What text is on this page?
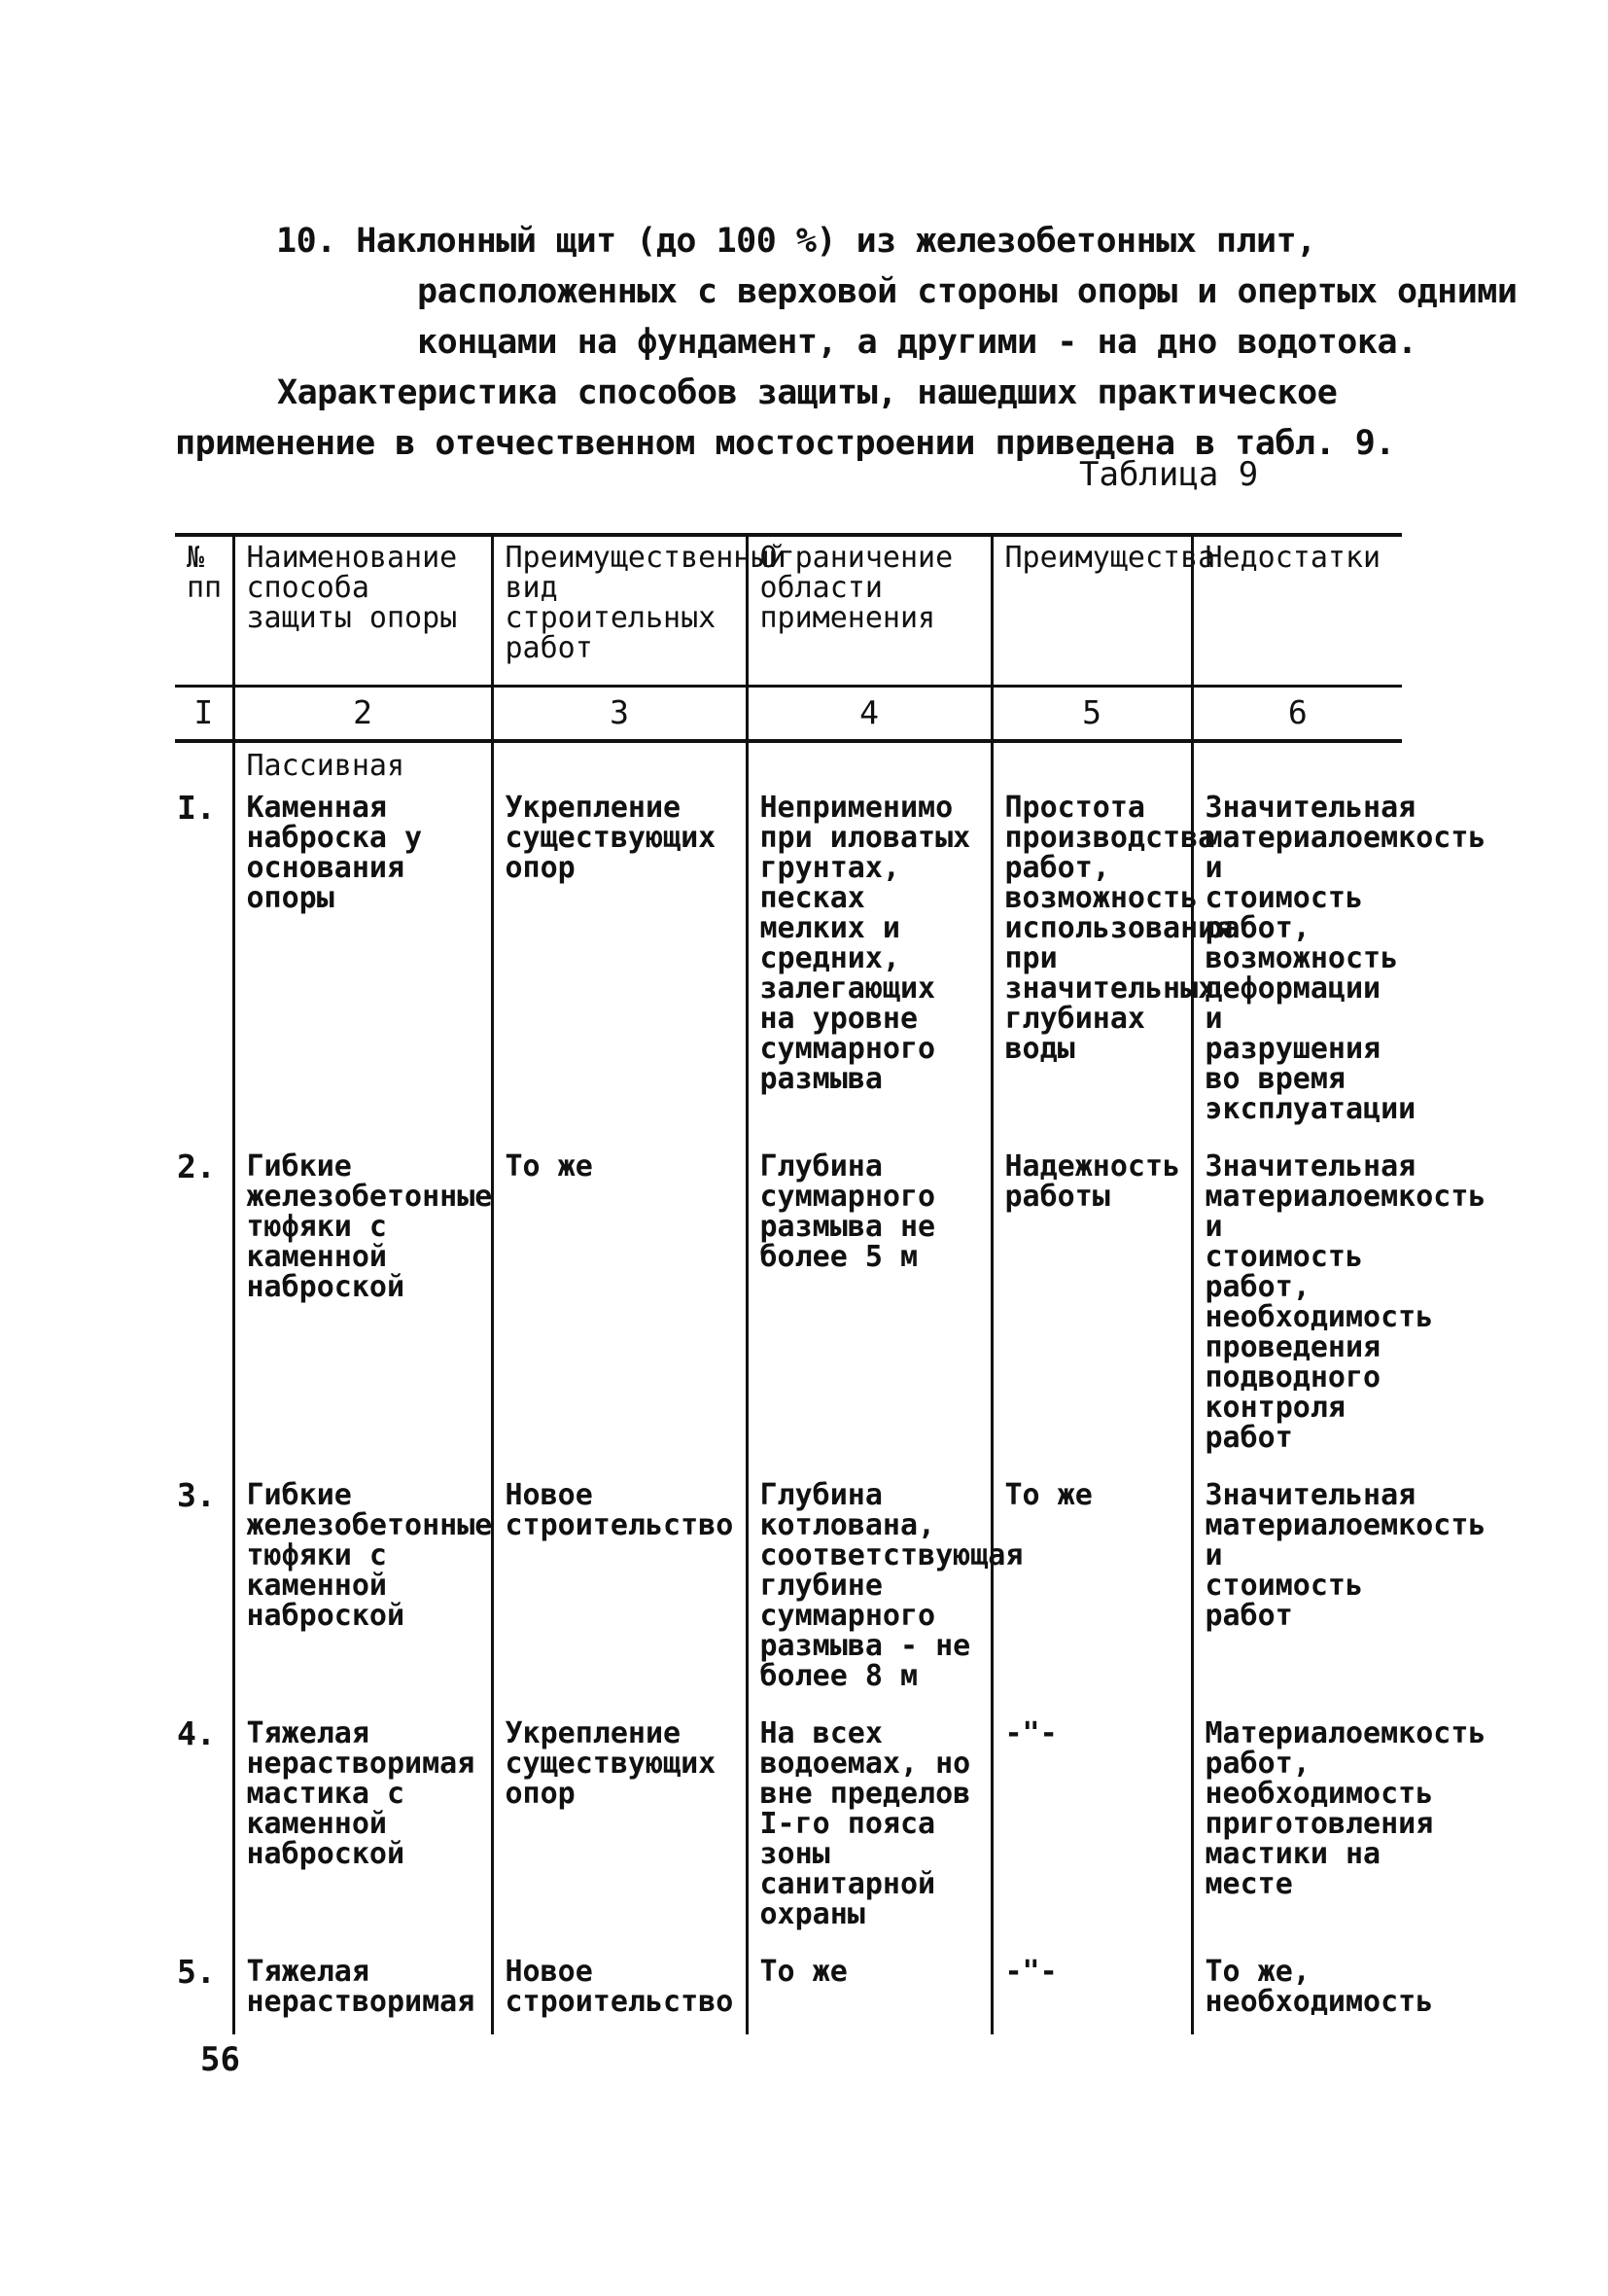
10. Наклонный щит (до 100 %) из железобетонных плит, расположенных с верховой стороны опоры и опертых одними концами на фундамент, а другими - на дно водотока.

Характеристика способов защиты, нашедших практическое применение в отечественном мостостроении приведена в табл. 9.

Таблица 9
№ пп	Наименование способа защиты опоры	Преимущественный вид строительных работ	Ограничение области применения	Преимущества	Недостатки
I	2	3	4	5	6
	Пассивная				
I.	Каменная наброска у основания опоры	Укрепление существующих опор	Неприменимо при иловатых грунтах, песках мелких и средних, залегающих на уровне суммарного размыва	Простота производства работ, возможность использования при значительных глубинах воды	Значительная материалоемкость и стоимость работ, возможность деформации и разрушения во время эксплуатации
2.	Гибкие железобетонные тюфяки с каменной наброской	То же	Глубина суммарного размыва не более 5 м	Надежность работы	Значительная материалоемкость и стоимость работ, необходимость проведения подводного контроля работ
3.	Гибкие железобетонные тюфяки с каменной наброской	Новое строительство	Глубина котлована, соответствующая глубине суммарного размыва - не более 8 м	То же	Значительная материалоемкость и стоимость работ
4.	Тяжелая нерастворимая мастика с каменной наброской	Укрепление существующих опор	На всех водоемах, но вне пределов I-го пояса зоны санитарной охраны	-"-	Материалоемкость работ, необходимость приготовления мастики на месте
5.	Тяжелая нерастворимая	Новое строительство	То же	-"-	То же, необходимость
56
